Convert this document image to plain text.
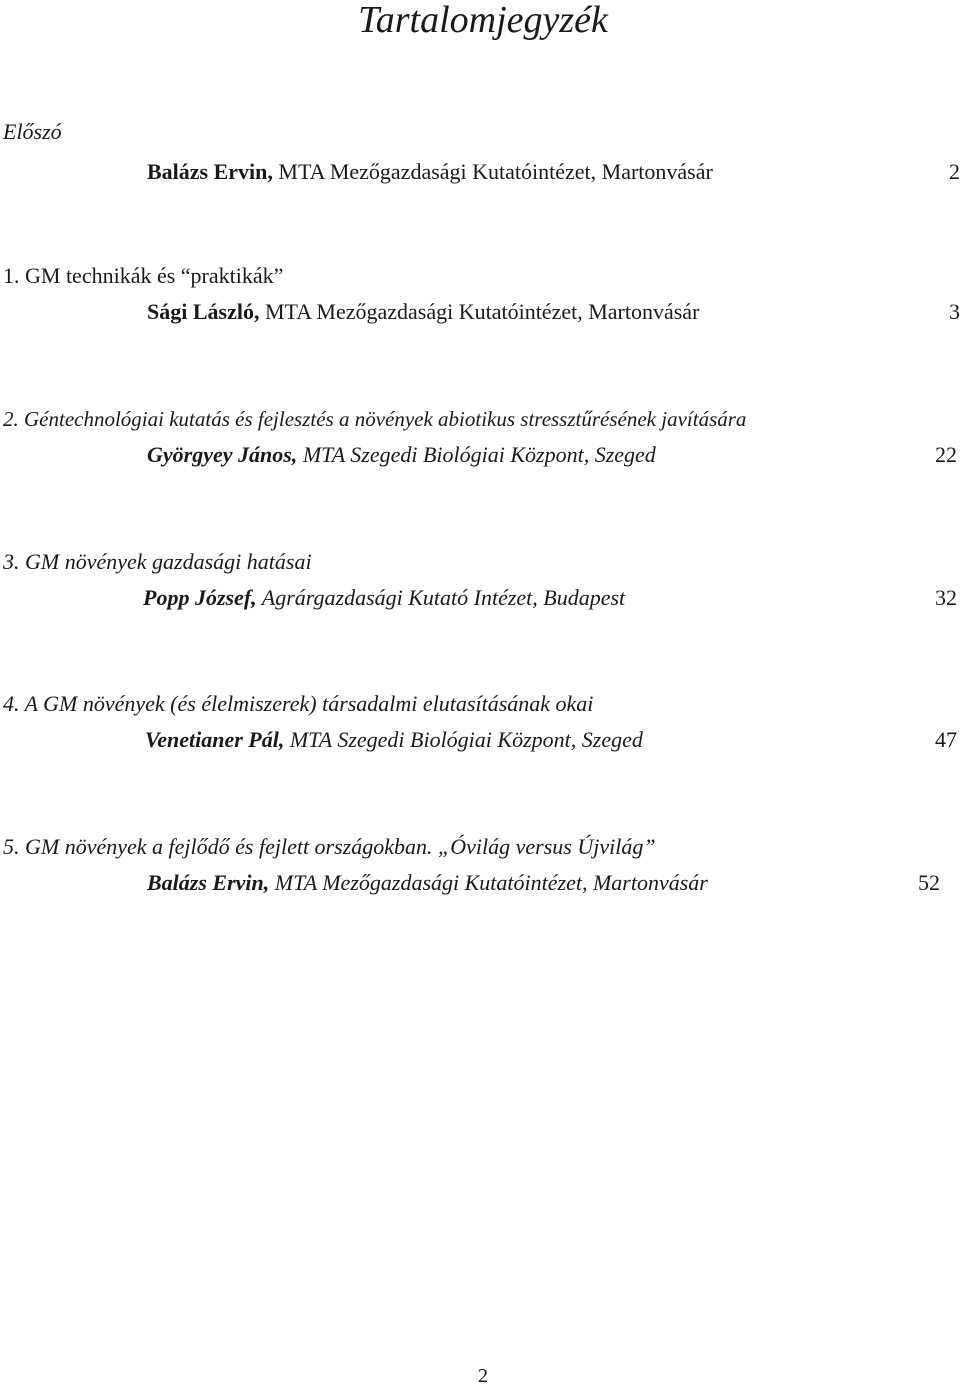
Tartalomjegyzék
Előszó
Balázs Ervin, MTA Mezőgazdasági Kutatóintézet, Martonvásár	2
1. GM technikák és “praktikák”
Sági László, MTA Mezőgazdasági Kutatóintézet, Martonvásár	3
2. Géntechnológiai kutatás és fejlesztés a növények abiotikus stressztűrésének javítására
Györgyey János, MTA Szegedi Biológiai Központ, Szeged	22
3. GM növények gazdasági hatásai
Popp József, Agrárgazdasági Kutató Intézet, Budapest	32
4. A GM növények (és élelmiszerek) társadalmi elutasításának okai
Venetianer Pál, MTA Szegedi Biológiai Központ, Szeged	47
5. GM növények a fejlődő és fejlett országokban. „Óvilág versus Újvilág”
Balázs Ervin, MTA Mezőgazdasági Kutatóintézet, Martonvásár	52
2
